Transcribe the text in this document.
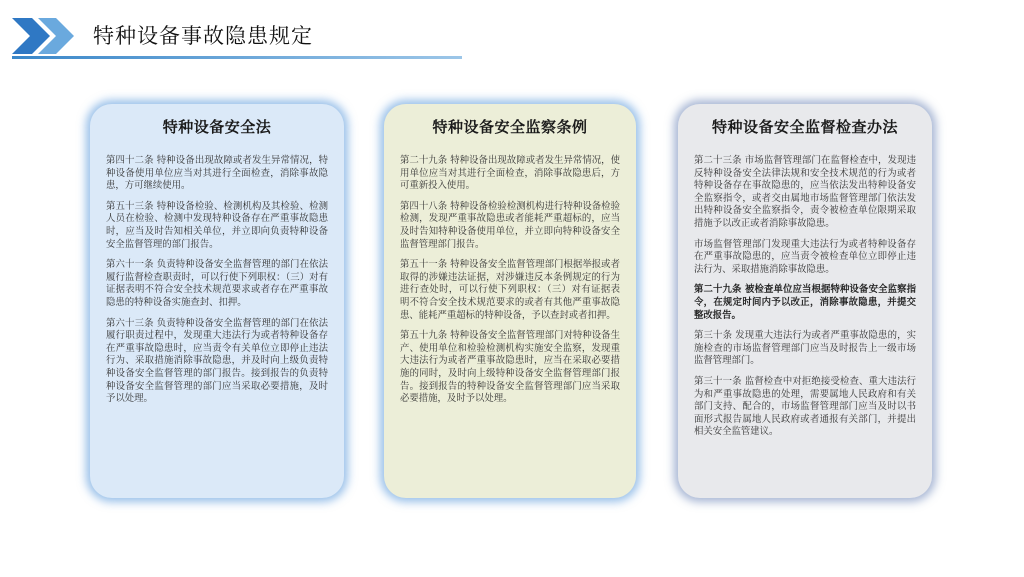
特种设备事故隐患规定
特种设备安全法

第四十二条 特种设备出现故障或者发生异常情况，特种设备使用单位应当对其进行全面检查，消除事故隐患，方可继续使用。

第五十三条 特种设备检验、检测机构及其检验、检测人员在检验、检测中发现特种设备存在严重事故隐患时，应当及时告知相关单位，并立即向负责特种设备安全监督管理的部门报告。

第六十一条 负责特种设备安全监督管理的部门在依法履行监督检查职责时，可以行使下列职权：（三）对有证据表明不符合安全技术规范要求或者存在严重事故隐患的特种设备实施查封、扣押。

第六十三条 负责特种设备安全监督管理的部门在依法履行职责过程中，发现重大违法行为或者特种设备存在严重事故隐患时，应当责令有关单位立即停止违法行为、采取措施消除事故隐患，并及时向上级负责特种设备安全监督管理的部门报告。接到报告的负责特种设备安全监督管理的部门应当采取必要措施，及时予以处理。

特种设备安全监察条例

第二十九条 特种设备出现故障或者发生异常情况，使用单位应当对其进行全面检查，消除事故隐患后，方可重新投入使用。

第四十八条 特种设备检验检测机构进行特种设备检验检测，发现严重事故隐患或者能耗严重超标的，应当及时告知特种设备使用单位，并立即向特种设备安全监督管理部门报告。

第五十一条 特种设备安全监督管理部门根据举报或者取得的涉嫌违法证据，对涉嫌违反本条例规定的行为进行查处时，可以行使下列职权：（三）对有证据表明不符合安全技术规范要求的或者有其他严重事故隐患、能耗严重超标的特种设备，予以查封或者扣押。

第五十九条 特种设备安全监督管理部门对特种设备生产、使用单位和检验检测机构实施安全监察，发现重大违法行为或者严重事故隐患时，应当在采取必要措施的同时，及时向上级特种设备安全监督管理部门报告。接到报告的特种设备安全监督管理部门应当采取必要措施，及时予以处理。

特种设备安全监督检查办法

第二十三条 市场监督管理部门在监督检查中，发现违反特种设备安全法律法规和安全技术规范的行为或者特种设备存在事故隐患的，应当依法发出特种设备安全监察指令，或者交由属地市场监督管理部门依法发出特种设备安全监察指令，责令被检查单位限期采取措施予以改正或者消除事故隐患。

市场监督管理部门发现重大违法行为或者特种设备存在严重事故隐患的，应当责令被检查单位立即停止违法行为、采取措施消除事故隐患。

第二十九条 被检查单位应当根据特种设备安全监察指令，在规定时间内予以改正，消除事故隐患，并提交整改报告。

第三十条 发现重大违法行为或者严重事故隐患的，实施检查的市场监督管理部门应当及时报告上一级市场监督管理部门。

第三十一条 监督检查中对拒绝接受检查、重大违法行为和严重事故隐患的处理，需要属地人民政府和有关部门支持、配合的，市场监督管理部门应当及时以书面形式报告属地人民政府或者通报有关部门，并提出相关安全监管建议。
